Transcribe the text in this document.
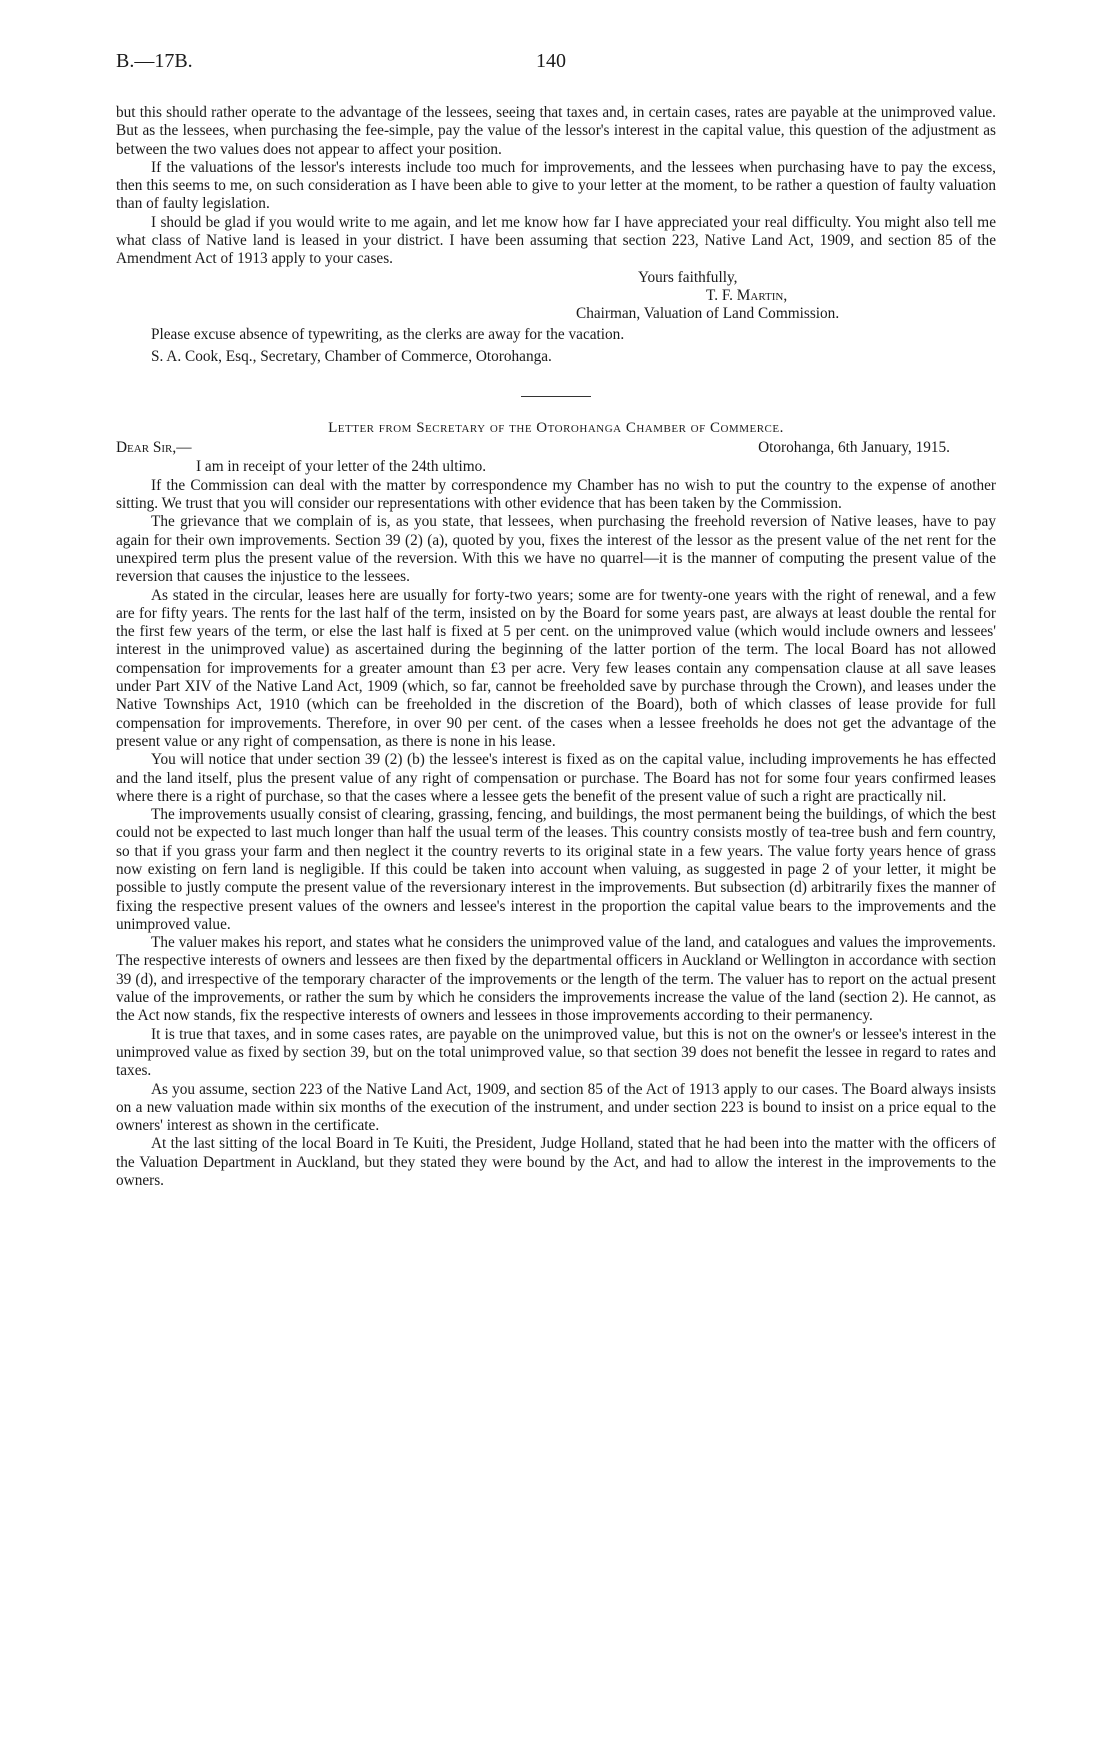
B.—17B.	140

but this should rather operate to the advantage of the lessees, seeing that taxes and, in certain cases, rates are payable at the unimproved value. But as the lessees, when purchasing the fee-simple, pay the value of the lessor's interest in the capital value, this question of the adjustment as between the two values does not appear to affect your position.

If the valuations of the lessor's interests include too much for improvements, and the lessees when purchasing have to pay the excess, then this seems to me, on such consideration as I have been able to give to your letter at the moment, to be rather a question of faulty valuation than of faulty legislation.

I should be glad if you would write to me again, and let me know how far I have appreciated your real difficulty. You might also tell me what class of Native land is leased in your district. I have been assuming that section 223, Native Land Act, 1909, and section 85 of the Amendment Act of 1913 apply to your cases.

Yours faithfully,

T. F. Martin,

Chairman, Valuation of Land Commission.

Please excuse absence of typewriting, as the clerks are away for the vacation.

S. A. Cook, Esq., Secretary, Chamber of Commerce, Otorohanga.

Letter from Secretary of the Otorohanga Chamber of Commerce.

Dear Sir,—	Otorohanga, 6th January, 1915.

I am in receipt of your letter of the 24th ultimo.

If the Commission can deal with the matter by correspondence my Chamber has no wish to put the country to the expense of another sitting. We trust that you will consider our representations with other evidence that has been taken by the Commission.

The grievance that we complain of is, as you state, that lessees, when purchasing the freehold reversion of Native leases, have to pay again for their own improvements. Section 39 (2) (a), quoted by you, fixes the interest of the lessor as the present value of the net rent for the unexpired term plus the present value of the reversion. With this we have no quarrel—it is the manner of computing the present value of the reversion that causes the injustice to the lessees.

As stated in the circular, leases here are usually for forty-two years; some are for twenty-one years with the right of renewal, and a few are for fifty years. The rents for the last half of the term, insisted on by the Board for some years past, are always at least double the rental for the first few years of the term, or else the last half is fixed at 5 per cent. on the unimproved value (which would include owners and lessees' interest in the unimproved value) as ascertained during the beginning of the latter portion of the term. The local Board has not allowed compensation for improvements for a greater amount than £3 per acre. Very few leases contain any compensation clause at all save leases under Part XIV of the Native Land Act, 1909 (which, so far, cannot be freeholded save by purchase through the Crown), and leases under the Native Townships Act, 1910 (which can be freeholded in the discretion of the Board), both of which classes of lease provide for full compensation for improvements. Therefore, in over 90 per cent. of the cases when a lessee freeholds he does not get the advantage of the present value or any right of compensation, as there is none in his lease.

You will notice that under section 39 (2) (b) the lessee's interest is fixed as on the capital value, including improvements he has effected and the land itself, plus the present value of any right of compensation or purchase. The Board has not for some four years confirmed leases where there is a right of purchase, so that the cases where a lessee gets the benefit of the present value of such a right are practically nil.

The improvements usually consist of clearing, grassing, fencing, and buildings, the most permanent being the buildings, of which the best could not be expected to last much longer than half the usual term of the leases. This country consists mostly of tea-tree bush and fern country, so that if you grass your farm and then neglect it the country reverts to its original state in a few years. The value forty years hence of grass now existing on fern land is negligible. If this could be taken into account when valuing, as suggested in page 2 of your letter, it might be possible to justly compute the present value of the reversionary interest in the improvements. But subsection (d) arbitrarily fixes the manner of fixing the respective present values of the owners and lessee's interest in the proportion the capital value bears to the improvements and the unimproved value.

The valuer makes his report, and states what he considers the unimproved value of the land, and catalogues and values the improvements. The respective interests of owners and lessees are then fixed by the departmental officers in Auckland or Wellington in accordance with section 39 (d), and irrespective of the temporary character of the improvements or the length of the term. The valuer has to report on the actual present value of the improvements, or rather the sum by which he considers the improvements increase the value of the land (section 2). He cannot, as the Act now stands, fix the respective interests of owners and lessees in those improvements according to their permanency.

It is true that taxes, and in some cases rates, are payable on the unimproved value, but this is not on the owner's or lessee's interest in the unimproved value as fixed by section 39, but on the total unimproved value, so that section 39 does not benefit the lessee in regard to rates and taxes.

As you assume, section 223 of the Native Land Act, 1909, and section 85 of the Act of 1913 apply to our cases. The Board always insists on a new valuation made within six months of the execution of the instrument, and under section 223 is bound to insist on a price equal to the owners' interest as shown in the certificate.

At the last sitting of the local Board in Te Kuiti, the President, Judge Holland, stated that he had been into the matter with the officers of the Valuation Department in Auckland, but they stated they were bound by the Act, and had to allow the interest in the improvements to the owners.
